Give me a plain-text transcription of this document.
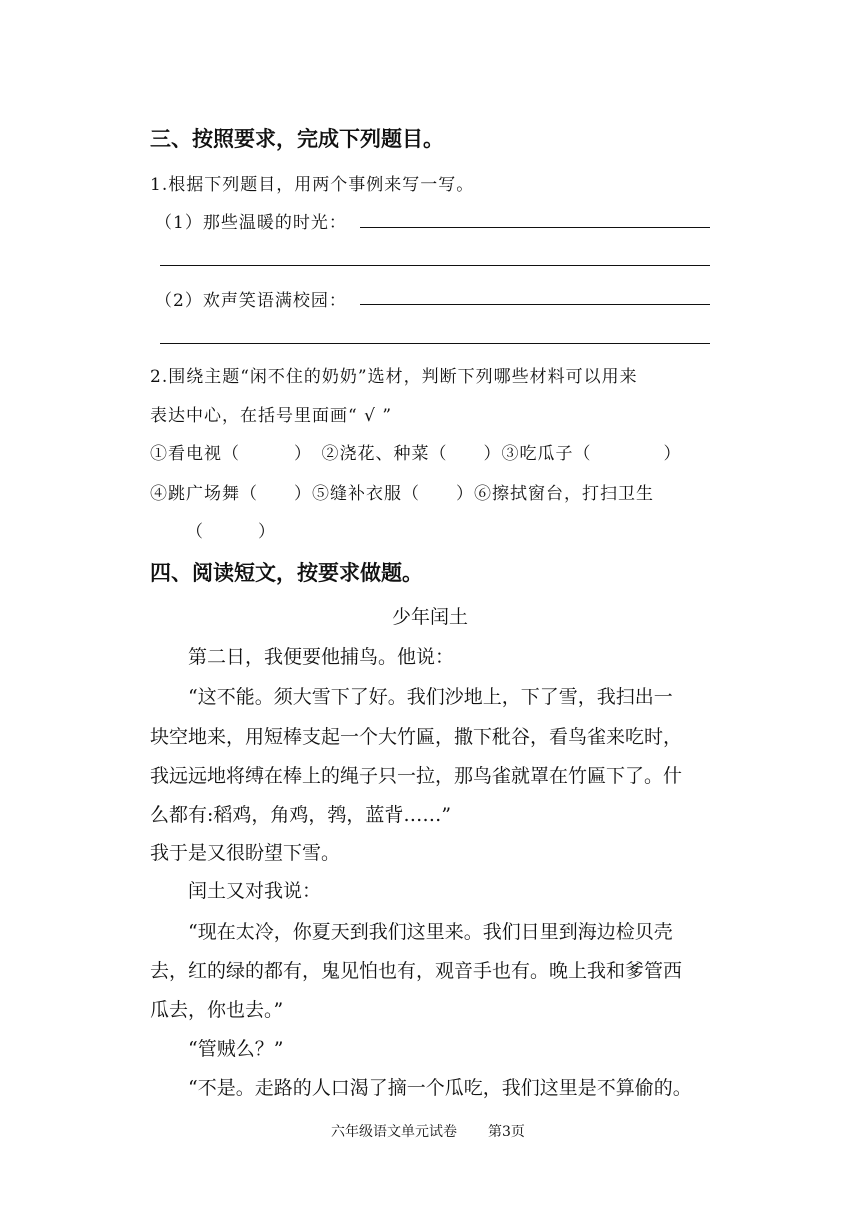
三、按照要求，完成下列题目。
1.根据下列题目，用两个事例来写一写。
（1）那些温暖的时光：
（2）欢声笑语满校园：
2.围绕主题“闲不住的奶奶”选材，判断下列哪些材料可以用来
表达中心，在括号里面画“ √ ”
①看电视（　　　）　②浇花、种菜（　　）③吃瓜子（　　　　）
④跳广场舞（　　）⑤缝补衣服（　　）⑥擦拭窗台，打扫卫生
（　　　）
四、阅读短文，按要求做题。
少年闰土
第二日，我便要他捕鸟。他说：
“这不能。须大雪下了好。我们沙地上，下了雪，我扫出一
块空地来，用短棒支起一个大竹匾，撒下秕谷，看鸟雀来吃时，
我远远地将缚在棒上的绳子只一拉，那鸟雀就罩在竹匾下了。什
么都有:稻鸡，角鸡，鹁，蓝背……”
我于是又很盼望下雪。
闰土又对我说：
“现在太冷，你夏天到我们这里来。我们日里到海边检贝壳
去，红的绿的都有，鬼见怕也有，观音手也有。晚上我和爹管西
瓜去，你也去。”
“管贼么？”
“不是。走路的人口渴了摘一个瓜吃，我们这里是不算偷的。
六年级语文单元试卷 第3页
